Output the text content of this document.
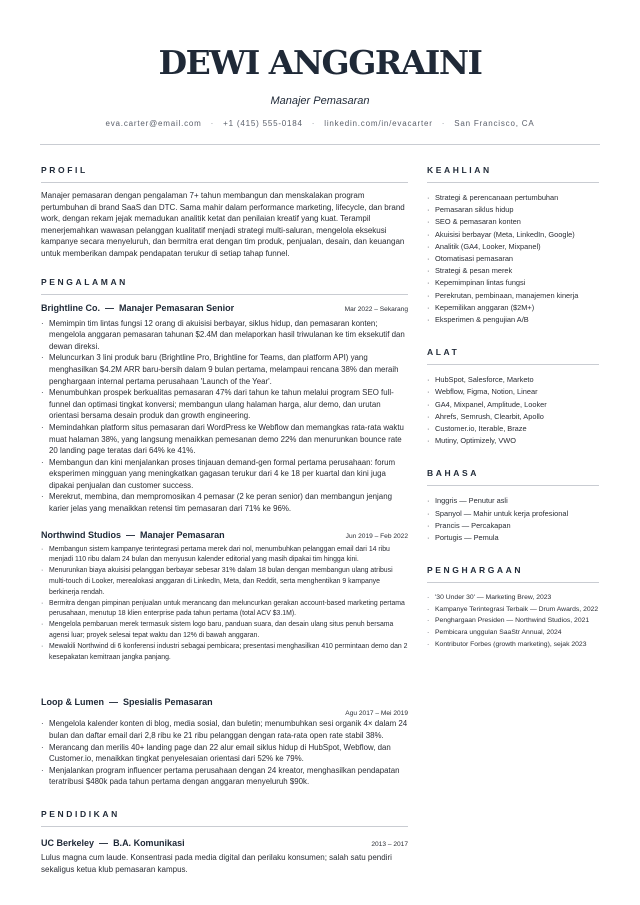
DEWI ANGGRAINI
Manajer Pemasaran
eva.carter@email.com · +1 (415) 555-0184 · linkedin.com/in/evacarter · San Francisco, CA
PROFIL

Manajer pemasaran dengan pengalaman 7+ tahun membangun dan menskalakan program pertumbuhan di brand SaaS dan DTC. Sama mahir dalam performance marketing, lifecycle, dan brand work, dengan rekam jejak memadukan analitik ketat dan penilaian kreatif yang kuat. Terampil menerjemahkan wawasan pelanggan kualitatif menjadi strategi multi-saluran, mengelola eksekusi kampanye secara menyeluruh, dan bermitra erat dengan tim produk, penjualan, desain, dan keuangan untuk memberikan dampak pendapatan terukur di setiap tahap funnel.

PENGALAMAN
Brightline Co. — Manajer Pemasaran Senior	Mar 2022 – Sekarang
· Memimpin tim lintas fungsi 12 orang di akuisisi berbayar, siklus hidup, dan pemasaran konten; mengelola anggaran pemasaran tahunan $2.4M dan melaporkan hasil triwulanan ke tim eksekutif dan dewan direksi.
· Meluncurkan 3 lini produk baru (Brightline Pro, Brightline for Teams, dan platform API) yang menghasilkan $4.2M ARR baru-bersih dalam 9 bulan pertama, melampaui rencana 38% dan meraih penghargaan internal pertama perusahaan 'Launch of the Year'.
· Menumbuhkan prospek berkualitas pemasaran 47% dari tahun ke tahun melalui program SEO full-funnel dan optimasi tingkat konversi; membangun ulang halaman harga, alur demo, dan urutan orientasi bersama desain produk dan growth engineering.
· Memindahkan platform situs pemasaran dari WordPress ke Webflow dan memangkas rata-rata waktu muat halaman 38%, yang langsung menaikkan pemesanan demo 22% dan menurunkan bounce rate 20 landing page teratas dari 64% ke 41%.
· Membangun dan kini menjalankan proses tinjauan demand-gen formal pertama perusahaan: forum eksperimen mingguan yang meningkatkan gagasan terukur dari 4 ke 18 per kuartal dan kini juga dipakai penjualan dan customer success.
· Merekrut, membina, dan mempromosikan 4 pemasar (2 ke peran senior) dan membangun jenjang karier jelas yang menaikkan retensi tim pemasaran dari 71% ke 96%.
Northwind Studios — Manajer Pemasaran	Jun 2019 – Feb 2022
· Membangun sistem kampanye terintegrasi pertama merek dari nol, menumbuhkan pelanggan email dari 14 ribu menjadi 110 ribu dalam 24 bulan dan menyusun kalender editorial yang masih dipakai tim hingga kini.
· Menurunkan biaya akuisisi pelanggan berbayar sebesar 31% dalam 18 bulan dengan membangun ulang atribusi multi-touch di Looker, merealokasi anggaran di LinkedIn, Meta, dan Reddit, serta menghentikan 9 kampanye berkinerja rendah.
· Bermitra dengan pimpinan penjualan untuk merancang dan meluncurkan gerakan account-based marketing pertama perusahaan, menutup 18 klien enterprise pada tahun pertama (total ACV $3.1M).
· Mengelola pembaruan merek termasuk sistem logo baru, panduan suara, dan desain ulang situs penuh bersama agensi luar; proyek selesai tepat waktu dan 12% di bawah anggaran.
· Mewakili Northwind di 6 konferensi industri sebagai pembicara; presentasi menghasilkan 410 permintaan demo dan 2 kesepakatan kemitraan jangka panjang.
Loop & Lumen — Spesialis Pemasaran
Agu 2017 – Mei 2019
· Mengelola kalender konten di blog, media sosial, dan buletin; menumbuhkan sesi organik 4× dalam 24 bulan dan daftar email dari 2,8 ribu ke 21 ribu pelanggan dengan rata-rata open rate stabil 38%.
· Merancang dan merilis 40+ landing page dan 22 alur email siklus hidup di HubSpot, Webflow, dan Customer.io, menaikkan tingkat penyelesaian orientasi dari 52% ke 79%.
· Menjalankan program influencer pertama perusahaan dengan 24 kreator, menghasilkan pendapatan teratribusi $480k pada tahun pertama dengan anggaran menyeluruh $90k.
PENDIDIKAN
UC Berkeley — B.A. Komunikasi	2013 – 2017

Lulus magna cum laude. Konsentrasi pada media digital dan perilaku konsumen; salah satu pendiri sekaligus ketua klub pemasaran kampus.

KEAHLIAN
· Strategi & perencanaan pertumbuhan
· Pemasaran siklus hidup
· SEO & pemasaran konten
· Akuisisi berbayar (Meta, LinkedIn, Google)
· Analitik (GA4, Looker, Mixpanel)
· Otomatisasi pemasaran
· Strategi & pesan merek
· Kepemimpinan lintas fungsi
· Perekrutan, pembinaan, manajemen kinerja
· Kepemilikan anggaran ($2M+)
· Eksperimen & pengujian A/B
ALAT
· HubSpot, Salesforce, Marketo
· Webflow, Figma, Notion, Linear
· GA4, Mixpanel, Amplitude, Looker
· Ahrefs, Semrush, Clearbit, Apollo
· Customer.io, Iterable, Braze
· Mutiny, Optimizely, VWO
BAHASA
· Inggris — Penutur asli
· Spanyol — Mahir untuk kerja profesional
· Prancis — Percakapan
· Portugis — Pemula
PENGHARGAAN
· '30 Under 30' — Marketing Brew, 2023
· Kampanye Terintegrasi Terbaik — Drum Awards, 2022
· Penghargaan Presiden — Northwind Studios, 2021
· Pembicara unggulan SaaStr Annual, 2024
· Kontributor Forbes (growth marketing), sejak 2023
